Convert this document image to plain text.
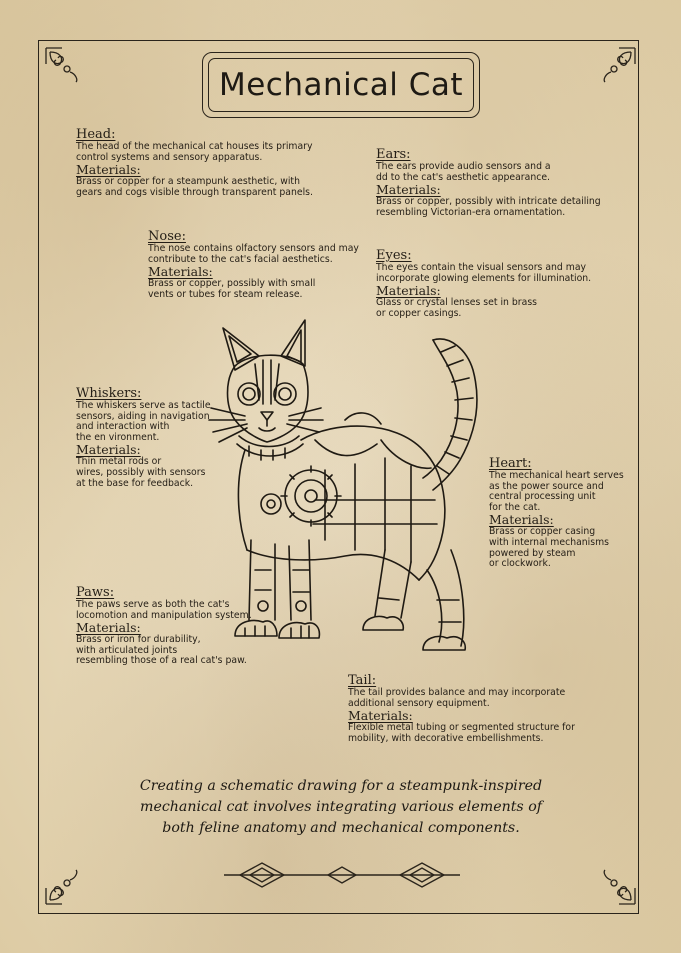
Mechanical Cat
Head:

The head of the mechanical cat houses its primary
control systems and sensory apparatus.

Materials:

Brass or copper for a steampunk aesthetic, with
gears and cogs visible through transparent panels.

Ears:

The ears provide audio sensors and a
dd to the cat's aesthetic appearance.

Materials:

Brass or copper, possibly with intricate detailing
resembling Victorian-era ornamentation.

Nose:

The nose contains olfactory sensors and may
contribute to the cat's facial aesthetics.

Materials:

Brass or copper, possibly with small
vents or tubes for steam release.

Eyes:

The eyes contain the visual sensors and may
incorporate glowing elements for illumination.

Materials:

Glass or crystal lenses set in brass
or copper casings.

Whiskers:

The whiskers serve as tactile
sensors, aiding in navigation
and interaction with
the en vironment.

Materials:

Thin metal rods or
wires, possibly with sensors
at the base for feedback.

Heart:

The mechanical heart serves
as the power source and
central processing unit
for the cat.

Materials:

Brass or copper casing
with internal mechanisms
powered by steam
or clockwork.

Paws:

The paws serve as both the cat's
locomotion and manipulation system.

Materials:

Brass or iron for durability,
with articulated joints
resembling those of a real cat's paw.

Tail:

The tail provides balance and may incorporate
additional sensory equipment.

Materials:

Flexible metal tubing or segmented structure for
mobility, with decorative embellishments.

Creating a schematic drawing for a steampunk-inspired
mechanical cat involves integrating various elements of
both feline anatomy and mechanical components.
